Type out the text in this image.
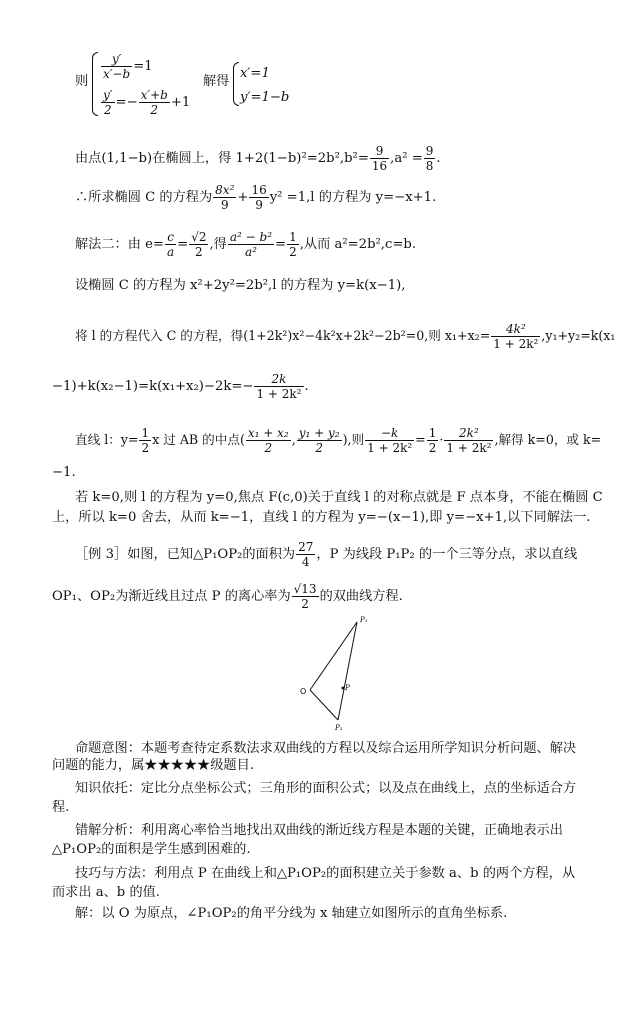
则
$\frac{y'}{x'-b} =1$
$\frac{y'}{2} =- \frac{x'+b}{2} +1$
解得
x′=1
y′=1−b
由点(1,1−b)在椭圆上，得 $1+2(1-b)^2=2b^2,b^2= \frac{9}{16} ,a^2 = \frac{9}{8}$ .
∴所求椭圆 C 的方程为 $\frac{\text{8x²}}{9} + \frac{16}{9} y^2 =1,l$ 的方程为 y=−x+1.
解法二：由 $e= \frac{c}{a} = \frac{√2}{2}$ ,得 $\frac{\text{a² − b²}}{\text{a²}} = \frac{1}{2}$ ,从而 a²=2b²,c=b.
设椭圆 C 的方程为 x²+2y²=2b²,l 的方程为 y=k(x−1),
将 l 的方程代入 C 的方程，得(1+2k²)x²−4k²x+2k²−2b²=0,则 $x_1+x_2= \frac{\text{4k²}}{\text{1 + 2k²}} ,y_1+y_2=k(x_1$
$-1)+k(x_2-1)=k(x_1+x_2)-2k=- \frac{2k}{\text{1 + 2k²}}$ .
直线 l：$y= \frac{1}{2}$ x 过 AB 的中点( $\frac{\text{x₁ + x₂}}{2}$ , $\frac{\text{y₁ + y₂}}{2}$ ),则 $\frac{-k}{\text{1 + 2k²}} = \frac{1}{2} \cdot \frac{\text{2k²}}{\text{1 + 2k²}}$ ,解得 k=0，或 k=
−1.
若 k=0,则 l 的方程为 y=0,焦点 F(c,0)关于直线 l 的对称点就是 F 点本身，不能在椭圆 C
上，所以 k=0 舍去，从而 k=−1，直线 l 的方程为 y=−(x−1),即 y=−x+1,以下同解法一.
［例 3］如图，已知△P₁OP₂的面积为 $\frac{27}{4}$ ，P 为线段 P₁P₂ 的一个三等分点，求以直线
OP₁、OP₂为渐近线且过点 P 的离心率为 $\frac{√13}{2}$ 的双曲线方程.
O	P
P₁
P₂
命题意图：本题考查待定系数法求双曲线的方程以及综合运用所学知识分析问题、解决
问题的能力，属★★★★★级题目.
知识依托：定比分点坐标公式；三角形的面积公式；以及点在曲线上，点的坐标适合方
程.
错解分析：利用离心率恰当地找出双曲线的渐近线方程是本题的关键，正确地表示出
△P₁OP₂的面积是学生感到困难的.
技巧与方法：利用点 P 在曲线上和△P₁OP₂的面积建立关于参数 a、b 的两个方程，从
而求出 a、b 的值.
解：以 O 为原点，∠P₁OP₂的角平分线为 x 轴建立如图所示的直角坐标系.
